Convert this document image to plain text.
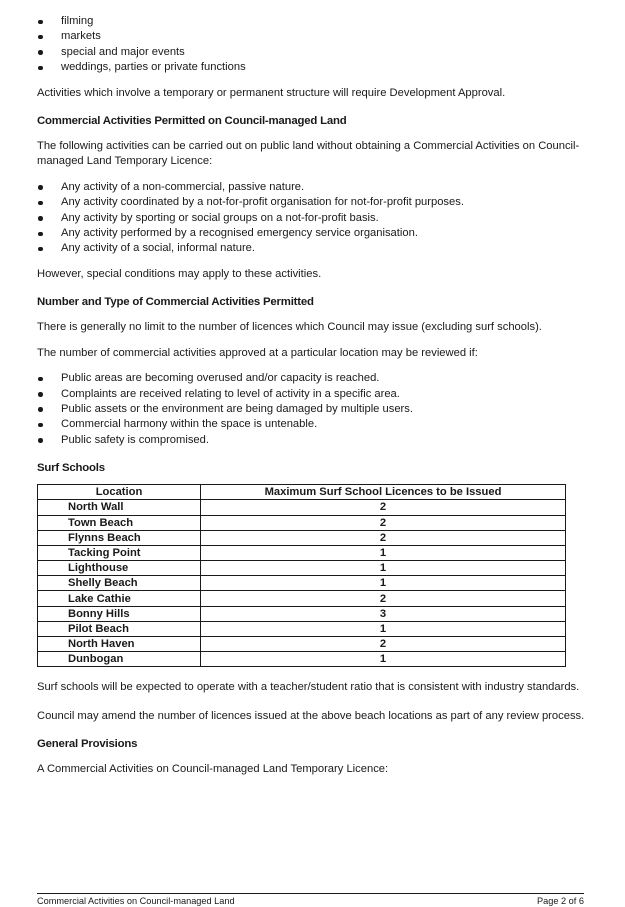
filming
markets
special and major events
weddings, parties or private functions

Activities which involve a temporary or permanent structure will require Development Approval.

Commercial Activities Permitted on Council-managed Land

The following activities can be carried out on public land without obtaining a Commercial Activities on Council-managed Land Temporary Licence:

Any activity of a non-commercial, passive nature.
Any activity coordinated by a not-for-profit organisation for not-for-profit purposes.
Any activity by sporting or social groups on a not-for-profit basis.
Any activity performed by a recognised emergency service organisation.
Any activity of a social, informal nature.

However, special conditions may apply to these activities.

Number and Type of Commercial Activities Permitted

There is generally no limit to the number of licences which Council may issue (excluding surf schools).

The number of commercial activities approved at a particular location may be reviewed if:

Public areas are becoming overused and/or capacity is reached.
Complaints are received relating to level of activity in a specific area.
Public assets or the environment are being damaged by multiple users.
Commercial harmony within the space is untenable.
Public safety is compromised.
Surf Schools
Location	Maximum Surf School Licences to be Issued
North Wall	2
Town Beach	2
Flynns Beach	2
Tacking Point	1
Lighthouse	1
Shelly Beach	1
Lake Cathie	2
Bonny Hills	3
Pilot Beach	1
North Haven	2
Dunbogan	1

Surf schools will be expected to operate with a teacher/student ratio that is consistent with industry standards.

Council may amend the number of licences issued at the above beach locations as part of any review process.

General Provisions

A Commercial Activities on Council-managed Land Temporary Licence:

Commercial Activities on Council-managed Land	Page 2 of 6
